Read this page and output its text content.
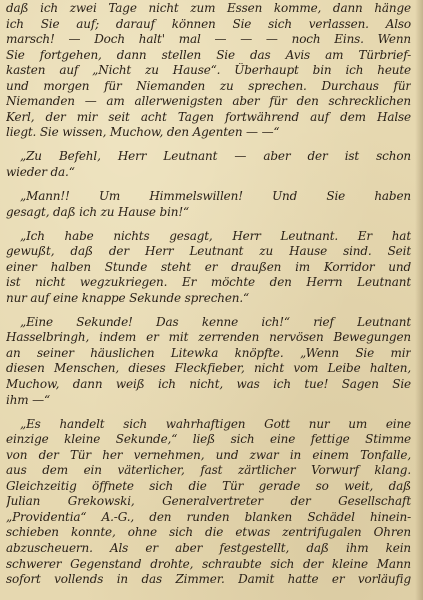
daß ich zwei Tage nicht zum Essen komme, dann hänge
ich Sie auf; darauf können Sie sich verlassen. Also
marsch! — Doch halt' mal — — — noch Eins. Wenn
Sie fortgehen, dann stellen Sie das Avis am Türbrief-
kasten auf „Nicht zu Hause“. Überhaupt bin ich heute
und morgen für Niemanden zu sprechen. Durchaus für
Niemanden — am allerwenigsten aber für den schrecklichen
Kerl, der mir seit acht Tagen fortwährend auf dem Halse
liegt. Sie wissen, Muchow, den Agenten — —“
„Zu Befehl, Herr Leutnant — aber der ist schon
wieder da.“
„Mann!! Um Himmelswillen! Und Sie haben
gesagt, daß ich zu Hause bin!“
„Ich habe nichts gesagt, Herr Leutnant. Er hat
gewußt, daß der Herr Leutnant zu Hause sind. Seit
einer halben Stunde steht er draußen im Korridor und
ist nicht wegzukriegen. Er möchte den Herrn Leutnant
nur auf eine knappe Sekunde sprechen.“
„Eine Sekunde! Das kenne ich!“ rief Leutnant
Hasselbringh, indem er mit zerrenden nervösen Bewegungen
an seiner häuslichen Litewka knöpfte. „Wenn Sie mir
diesen Menschen, dieses Fleckfieber, nicht vom Leibe halten,
Muchow, dann weiß ich nicht, was ich tue! Sagen Sie
ihm —“
„Es handelt sich wahrhaftigen Gott nur um eine
einzige kleine Sekunde,“ ließ sich eine fettige Stimme
von der Tür her vernehmen, und zwar in einem Tonfalle,
aus dem ein väterlicher, fast zärtlicher Vorwurf klang.
Gleichzeitig öffnete sich die Tür gerade so weit, daß
Julian Grekowski, Generalvertreter der Gesellschaft
„Providentia“ A.-G., den runden blanken Schädel hinein-
schieben konnte, ohne sich die etwas zentrifugalen Ohren
abzuscheuern. Als er aber festgestellt, daß ihm kein
schwerer Gegenstand drohte, schraubte sich der kleine Mann
sofort vollends in das Zimmer. Damit hatte er vorläufig
